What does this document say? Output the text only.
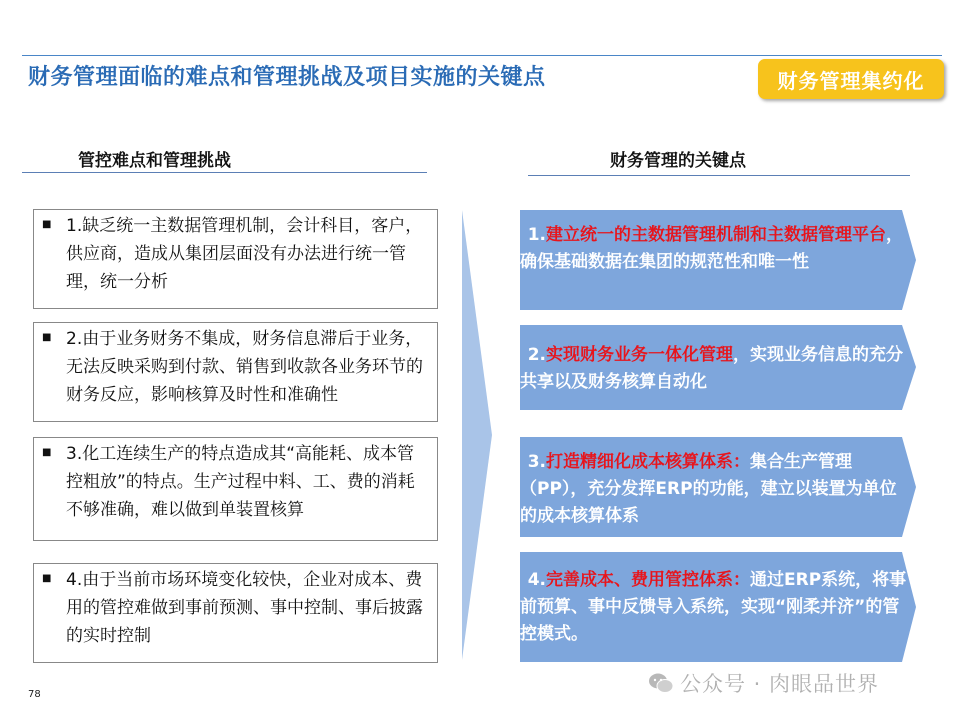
财务管理面临的难点和管理挑战及项目实施的关键点	财务管理集约化
管控难点和管理挑战	财务管理的关键点
■ 1.缺乏统一主数据管理机制，会计科目，客户，供应商，造成从集团层面没有办法进行统一管理，统一分析
■ 2.由于业务财务不集成，财务信息滞后于业务，无法反映采购到付款、销售到收款各业务环节的财务反应，影响核算及时性和准确性
■ 3.化工连续生产的特点造成其“高能耗、成本管控粗放”的特点。生产过程中料、工、费的消耗不够准确，难以做到单装置核算
■ 4.由于当前市场环境变化较快，企业对成本、费用的管控难做到事前预测、事中控制、事后披露的实时控制
1.建立统一的主数据管理机制和主数据管理平台，确保基础数据在集团的规范性和唯一性
2.实现财务业务一体化管理，实现业务信息的充分共享以及财务核算自动化
3.打造精细化成本核算体系：集合生产管理（PP），充分发挥ERP的功能，建立以装置为单位的成本核算体系
4.完善成本、费用管控体系：通过ERP系统，将事前预算、事中反馈导入系统，实现“刚柔并济”的管控模式。
78	公众号 · 肉眼品世界
